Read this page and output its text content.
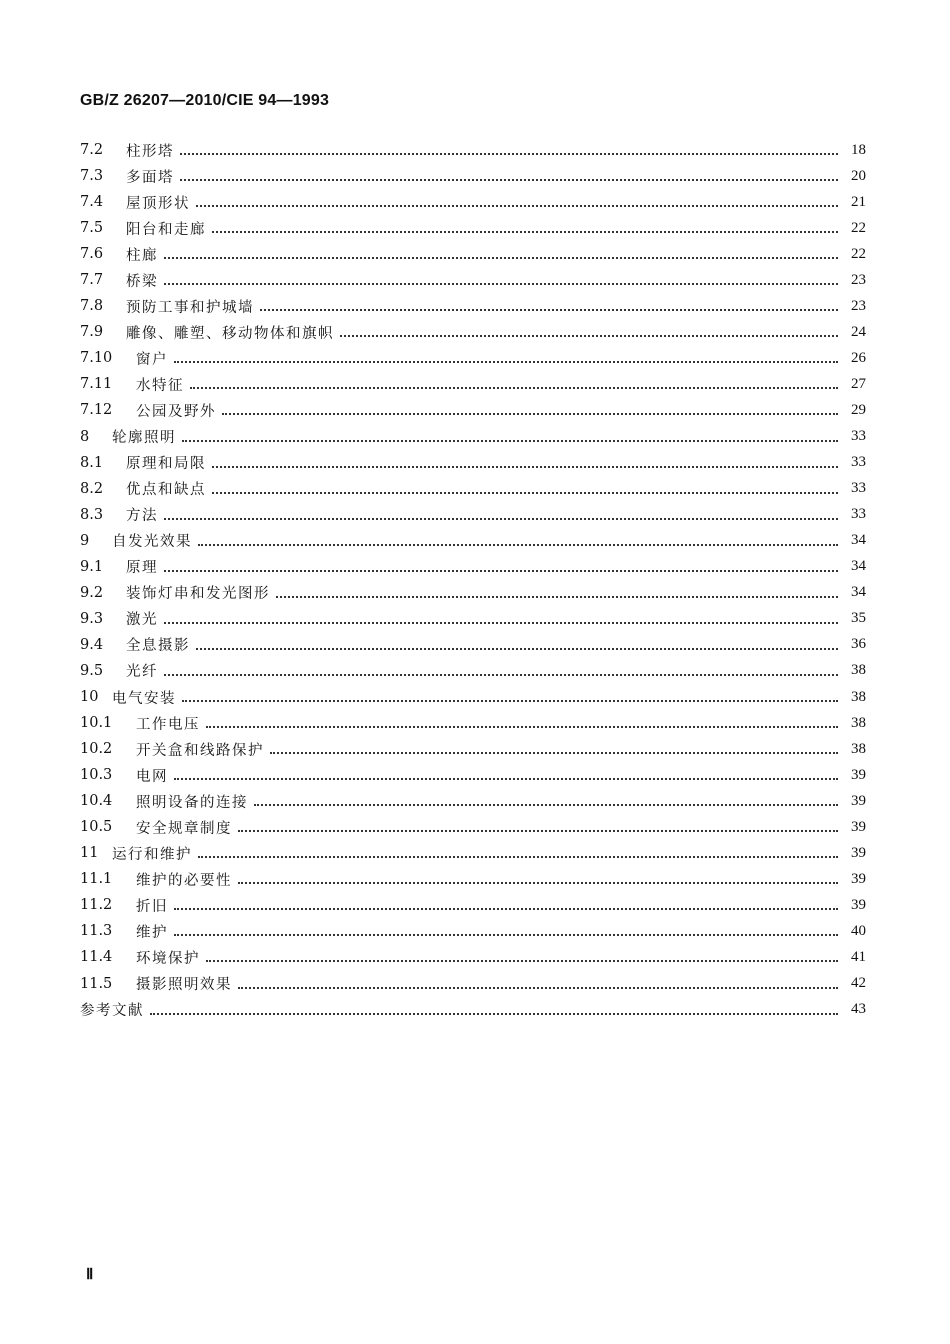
GB/Z 26207—2010/CIE 94—1993
7.2	柱形塔	18
7.3	多面塔	20
7.4	屋顶形状	21
7.5	阳台和走廊	22
7.6	柱廊	22
7.7	桥梁	23
7.8	预防工事和护城墙	23
7.9	雕像、雕塑、移动物体和旗帜	24
7.10	窗户	26
7.11	水特征	27
7.12	公园及野外	29
8	轮廓照明	33
8.1	原理和局限	33
8.2	优点和缺点	33
8.3	方法	33
9	自发光效果	34
9.1	原理	34
9.2	装饰灯串和发光图形	34
9.3	激光	35
9.4	全息摄影	36
9.5	光纤	38
10 电气安装	38
10.1	工作电压	38
10.2	开关盒和线路保护	38
10.3	电网	39
10.4	照明设备的连接	39
10.5	安全规章制度	39
11 运行和维护	39
11.1	维护的必要性	39
11.2	折旧	39
11.3	维护	40
11.4	环境保护	41
11.5	摄影照明效果	42
参考文献	43
Ⅱ
